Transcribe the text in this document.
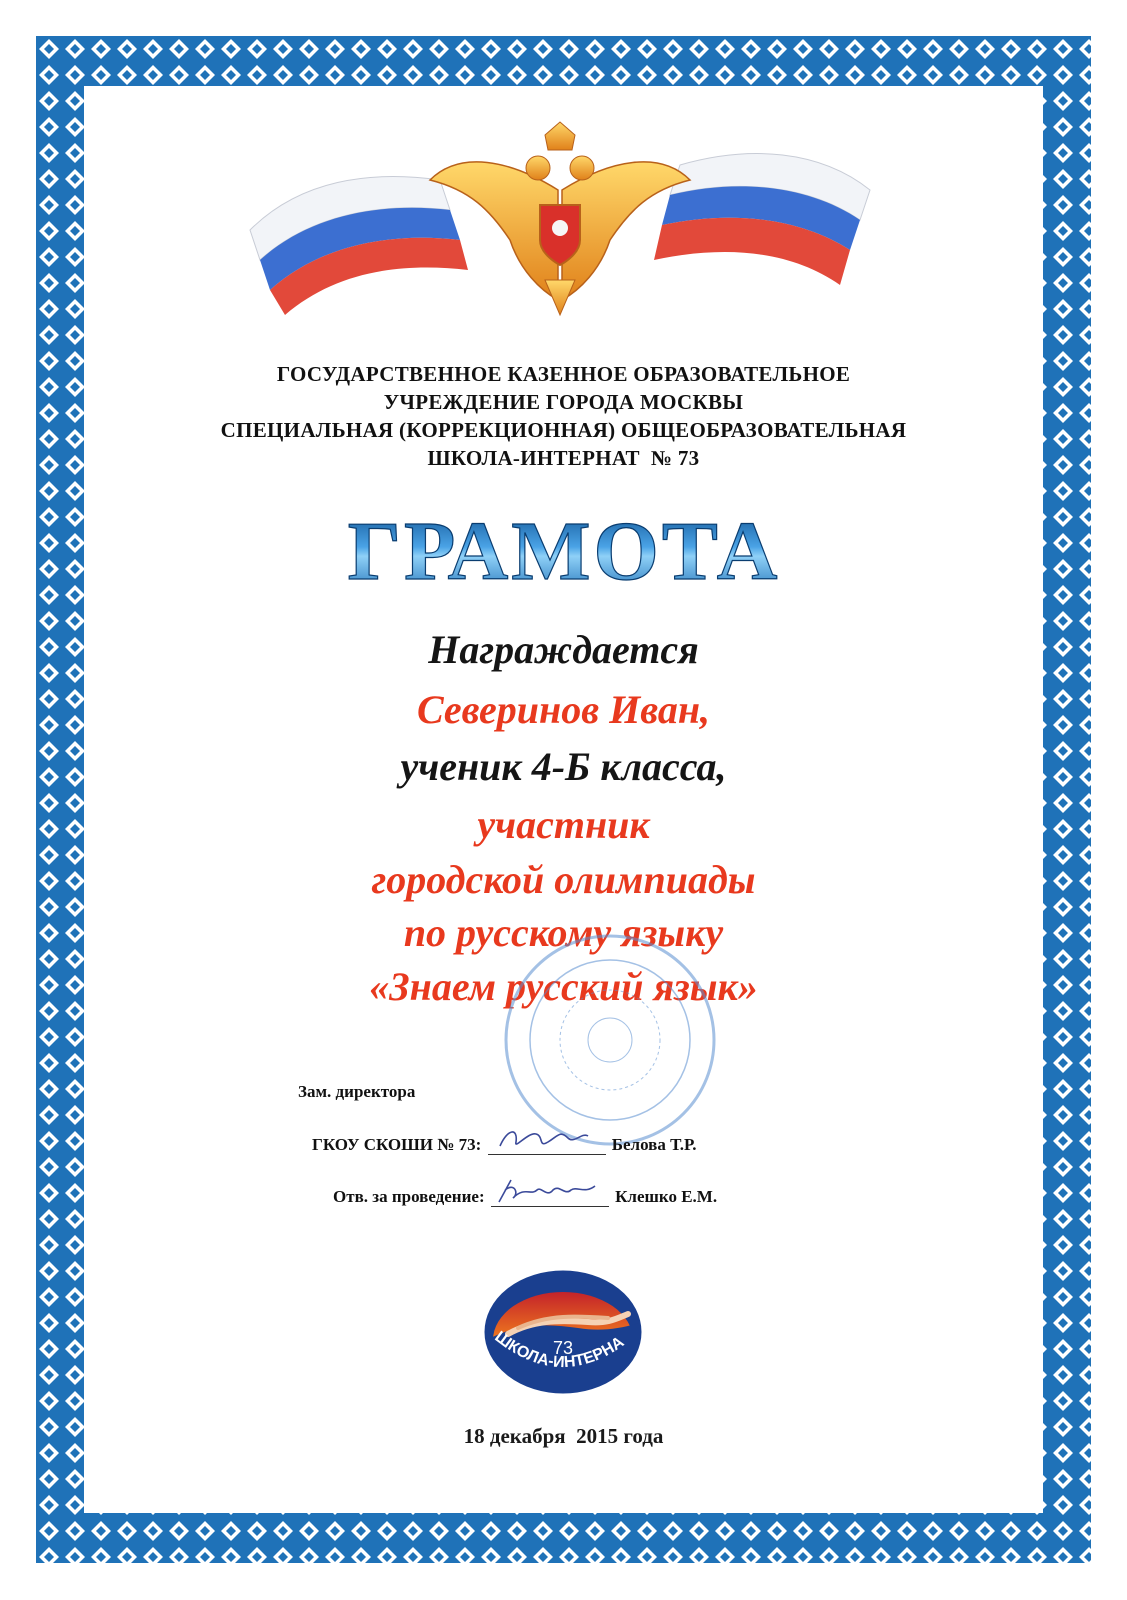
ГОСУДАРСТВЕННОЕ КАЗЕННОЕ ОБРАЗОВАТЕЛЬНОЕ
УЧРЕЖДЕНИЕ ГОРОДА МОСКВЫ
СПЕЦИАЛЬНАЯ (КОРРЕКЦИОННАЯ) ОБЩЕОБРАЗОВАТЕЛЬНАЯ
ШКОЛА-ИНТЕРНАТ  № 73
ГРАМОТА
Награждается
Северинов Иван,
ученик 4-Б класса,
участник
городской олимпиады
по русскому языку
«Знаем русский язык»
Зам. директора
ГКОУ СКОШИ № 73:	Белова Т.Р.
Отв. за проведение:	Клешко Е.М.
73
ШКОЛА-ИНТЕРНА
18 декабря  2015 года
